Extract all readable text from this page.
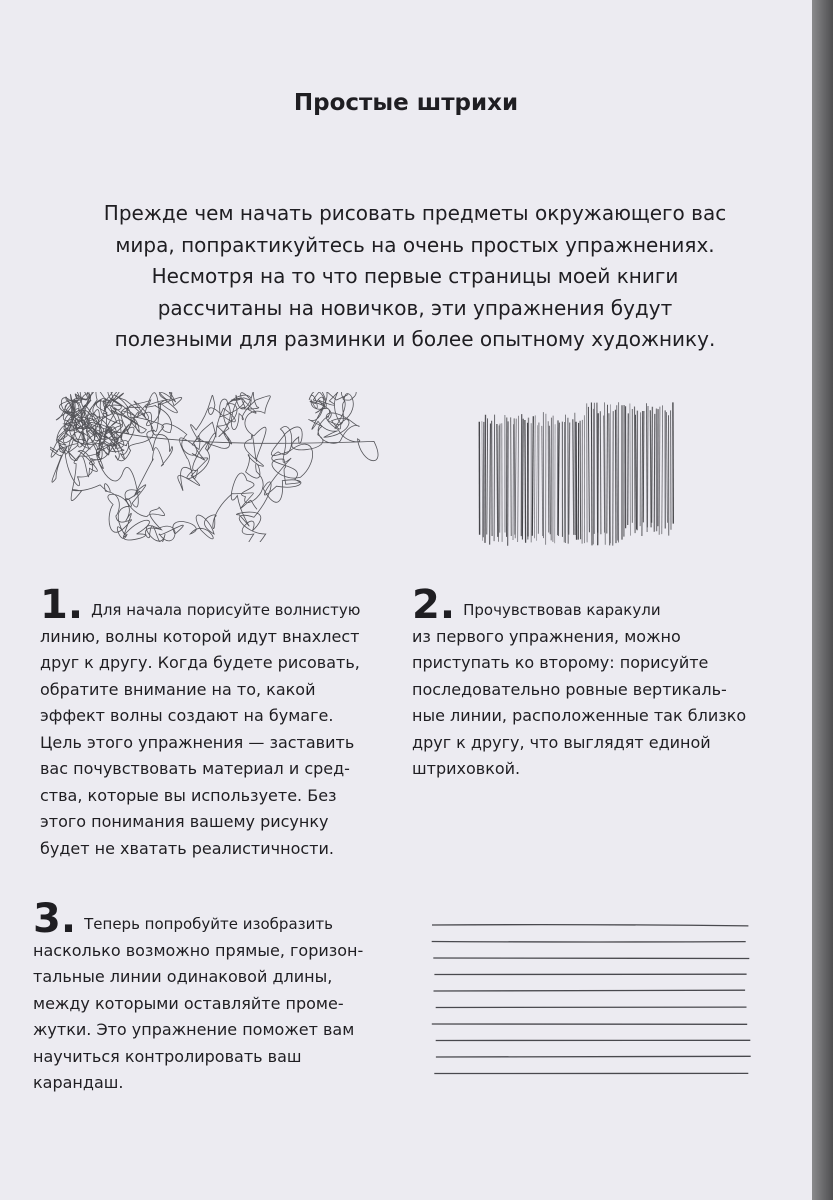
Простые штрихи
Прежде чем начать рисовать предметы окружающего вас
мира, попрактикуйтесь на очень простых упражнениях.
Несмотря на то что первые страницы моей книги
рассчитаны на новичков, эти упражнения будут
полезными для разминки и более опытному художнику.
1. Для начала порисуйте волнистую
линию, волны которой идут внахлест
друг к другу. Когда будете рисовать,
обратите внимание на то, какой
эффект волны создают на бумаге.
Цель этого упражнения — заставить
вас почувствовать материал и сред-
ства, которые вы используете. Без
этого понимания вашему рисунку
будет не хватать реалистичности.
2. Прочувствовав каракули
из первого упражнения, можно
приступать ко второму: порисуйте
последовательно ровные вертикаль-
ные линии, расположенные так близко
друг к другу, что выглядят единой
штриховкой.
3. Теперь попробуйте изобразить
насколько возможно прямые, горизон-
тальные линии одинаковой длины,
между которыми оставляйте проме-
жутки. Это упражнение поможет вам
научиться контролировать ваш
карандаш.
